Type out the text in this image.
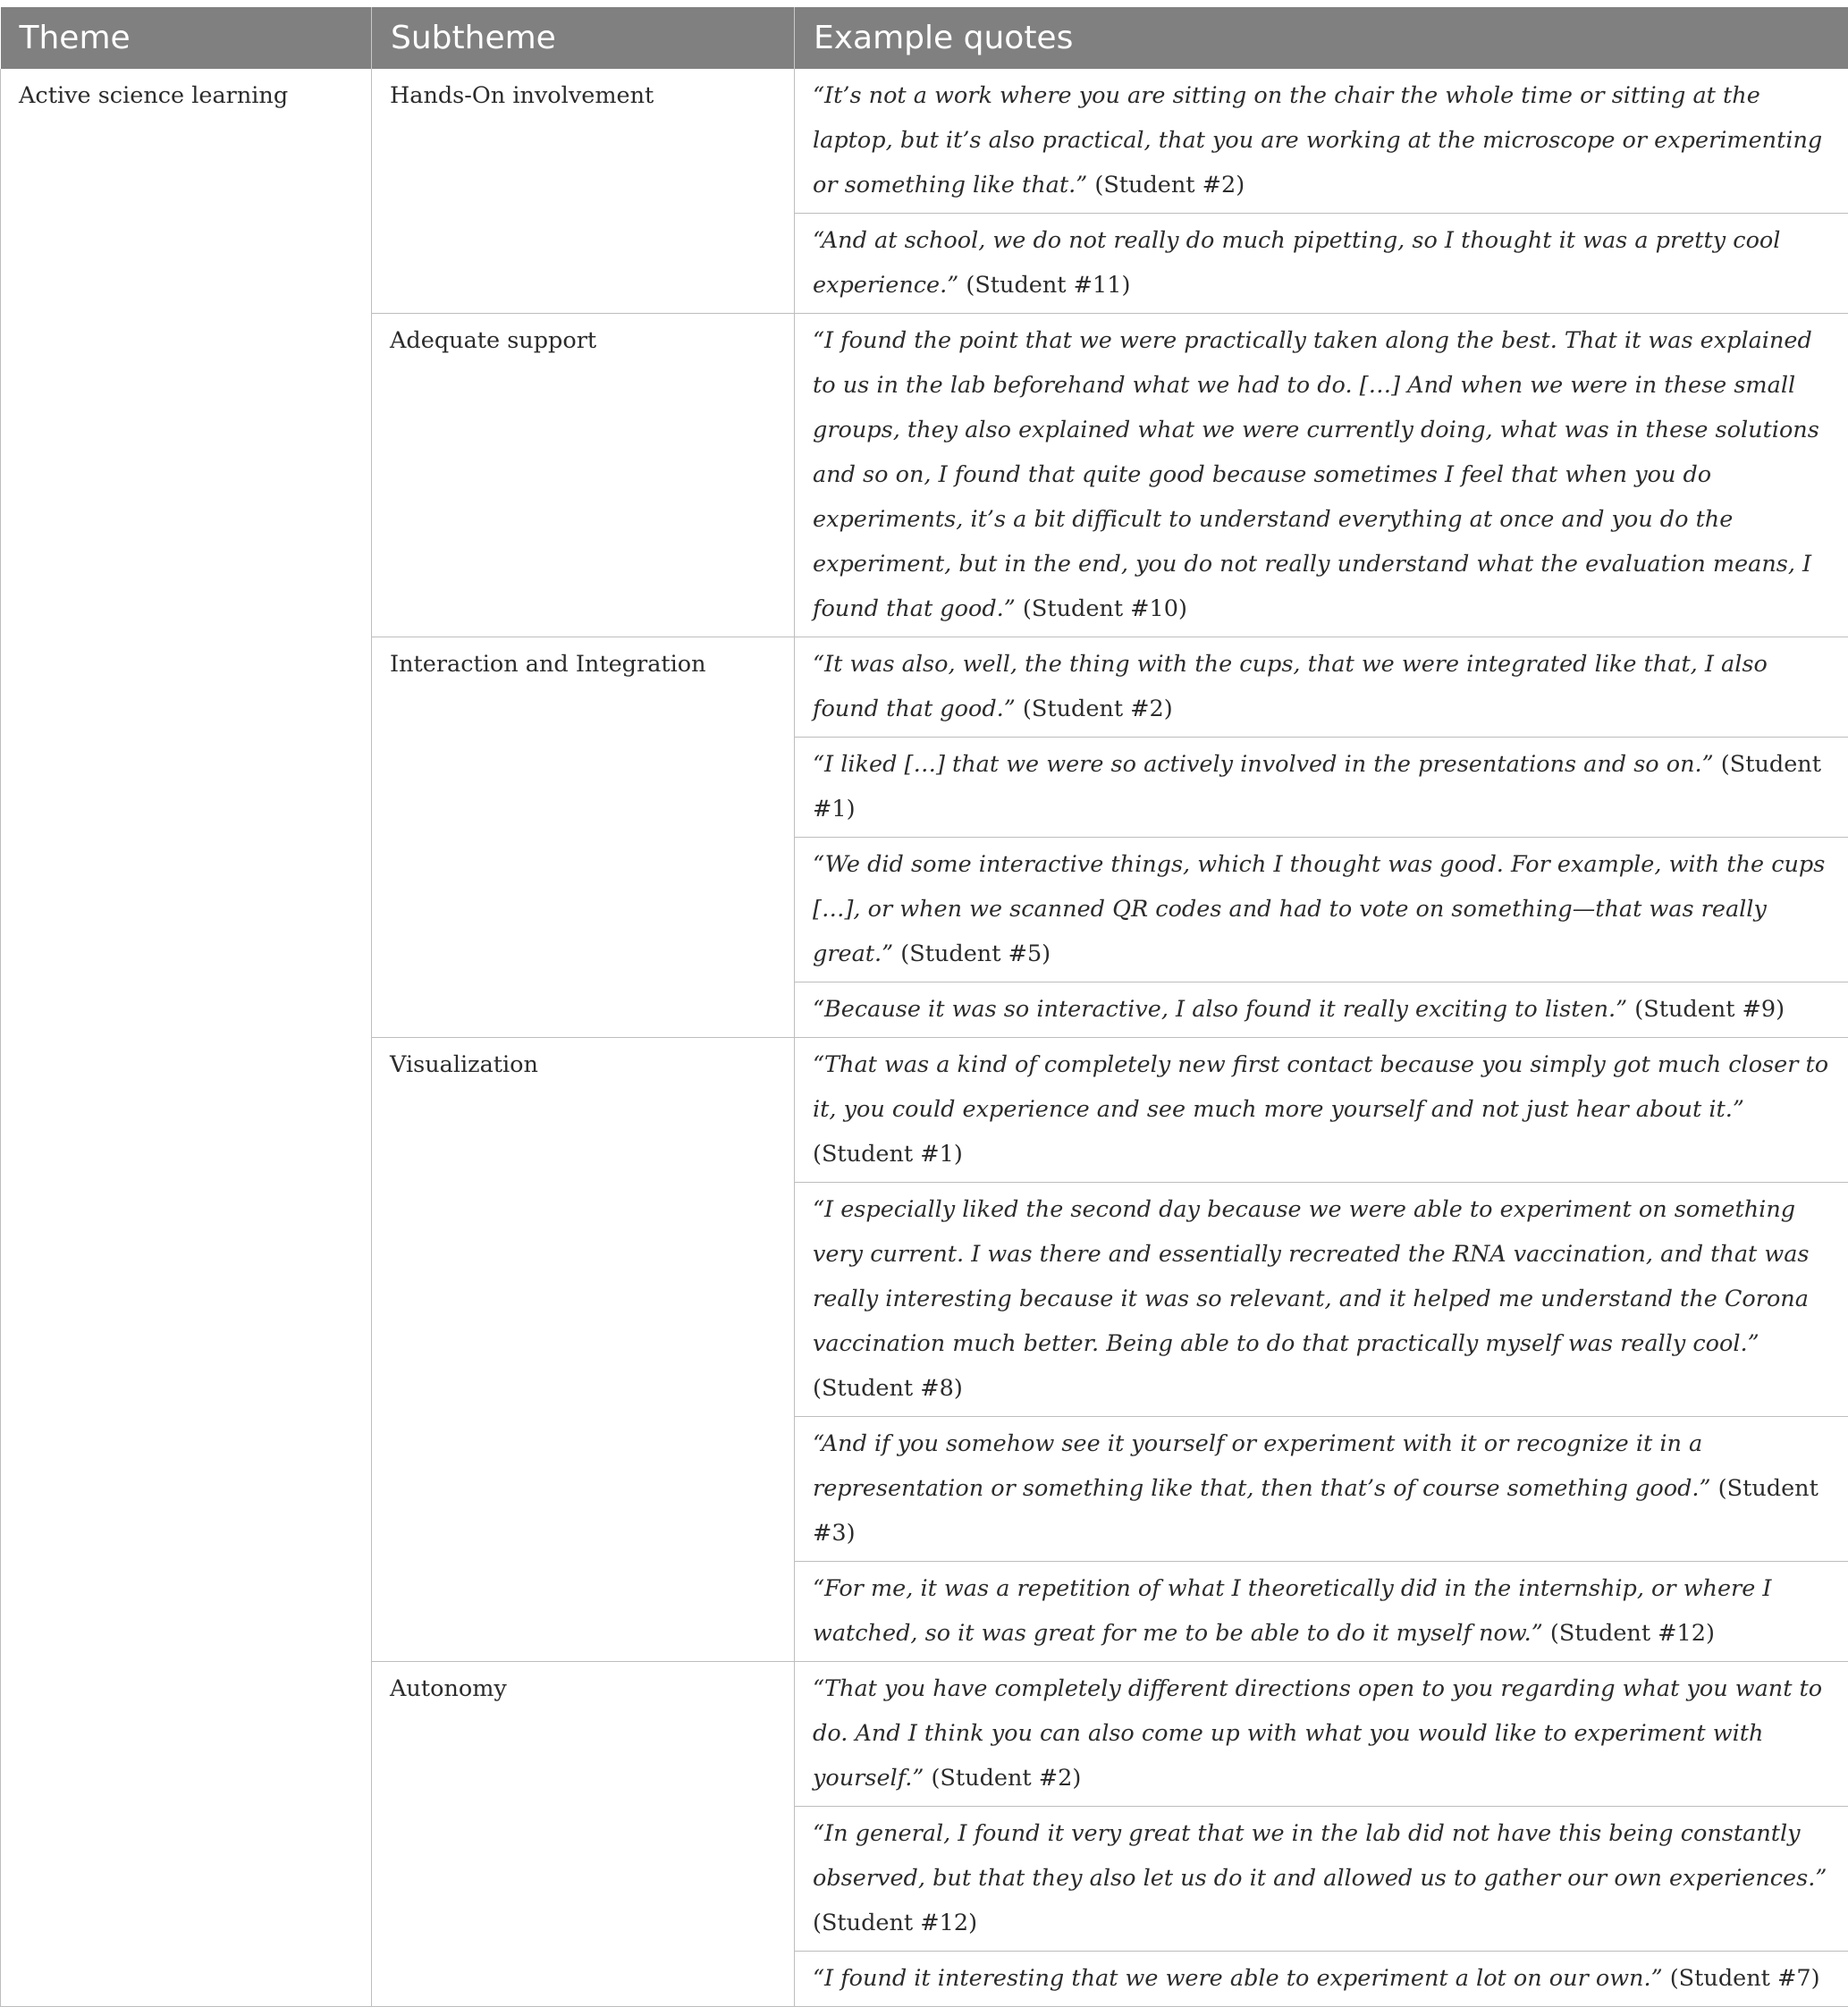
Theme	Subtheme	Example quotes
Active science learning	Hands-On involvement	“It’s not a work where you are sitting on the chair the whole time or sitting at the laptop, but it’s also practical, that you are working at the microscope or experimenting or something like that.” (Student #2)
		“And at school, we do not really do much pipetting, so I thought it was a pretty cool experience.” (Student #11)
	Adequate support	“I found the point that we were practically taken along the best. That it was explained to us in the lab beforehand what we had to do. […] And when we were in these small groups, they also explained what we were currently doing, what was in these solutions and so on, I found that quite good because sometimes I feel that when you do experiments, it’s a bit difficult to understand everything at once and you do the experiment, but in the end, you do not really understand what the evaluation means, I found that good.” (Student #10)
	Interaction and Integration	“It was also, well, the thing with the cups, that we were integrated like that, I also found that good.” (Student #2)
		“I liked […] that we were so actively involved in the presentations and so on.” (Student #1)
		“We did some interactive things, which I thought was good. For example, with the cups […], or when we scanned QR codes and had to vote on something—that was really great.” (Student #5)
		“Because it was so interactive, I also found it really exciting to listen.” (Student #9)
	Visualization	“That was a kind of completely new first contact because you simply got much closer to it, you could experience and see much more yourself and not just hear about it.” (Student #1)
		“I especially liked the second day because we were able to experiment on something very current. I was there and essentially recreated the RNA vaccination, and that was really interesting because it was so relevant, and it helped me understand the Corona vaccination much better. Being able to do that practically myself was really cool.” (Student #8)
		“And if you somehow see it yourself or experiment with it or recognize it in a representation or something like that, then that’s of course something good.” (Student #3)
		“For me, it was a repetition of what I theoretically did in the internship, or where I watched, so it was great for me to be able to do it myself now.” (Student #12)
	Autonomy	“That you have completely different directions open to you regarding what you want to do. And I think you can also come up with what you would like to experiment with yourself.” (Student #2)
		“In general, I found it very great that we in the lab did not have this being constantly observed, but that they also let us do it and allowed us to gather our own experiences.” (Student #12)
		“I found it interesting that we were able to experiment a lot on our own.” (Student #7)
